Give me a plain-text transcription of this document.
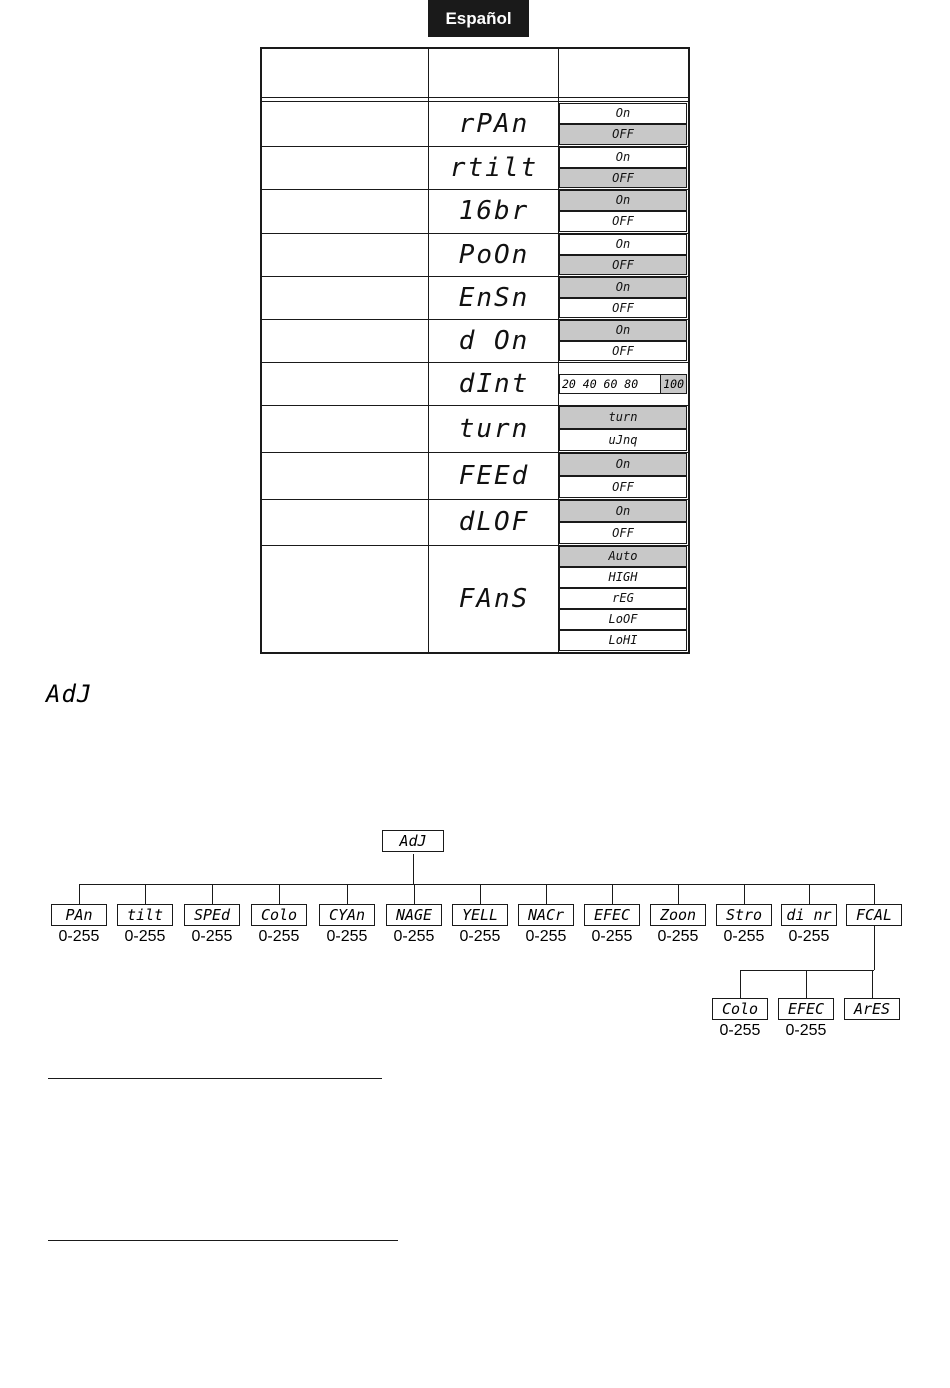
Español
rPAn	On
OFF
rtilt	On
OFF
16br	On
OFF
PoOn	On
OFF
EnSn	On
OFF
d On	On
OFF
dInt	20 40 60 80	100
turn	turn
uJnq
FEEd	On
OFF
dLOF	On
OFF
FAnS
Auto
HIGH
rEG
LoOF
LoHI
AdJ
AdJ
PAn
0-255
tilt
0-255
SPEd
0-255
Colo
0-255
CYAn
0-255
NAGE
0-255
YELL
0-255
NACr
0-255
EFEC
0-255
Zoon
0-255
Stro
0-255
di nr
0-255
FCAL
Colo
0-255
EFEC
0-255
ArES
